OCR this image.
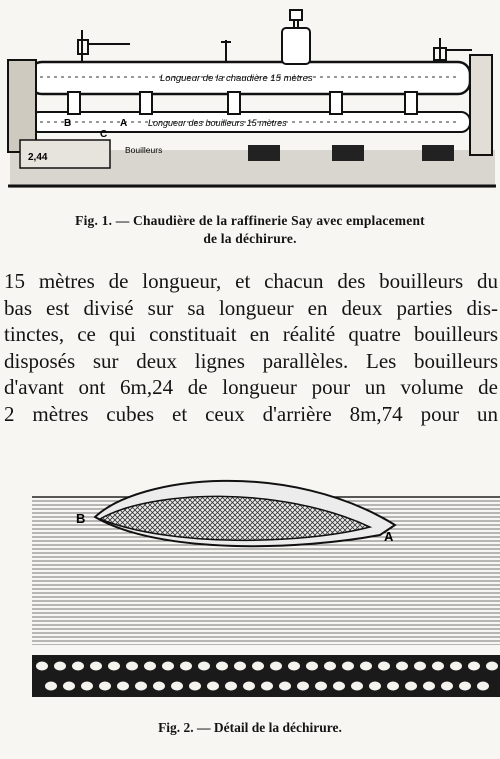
Longueur de la chaudière 15 mètres
Longueur des bouilleurs 15 mètres
2,44
Bouilleurs
B	A
C
Fig. 1. — Chaudière de la raffinerie Say avec emplacement
de la déchirure.
15 mètres de longueur, et chacun des bouilleurs du
bas est divisé sur sa longueur en deux parties dis-
tinctes, ce qui constituait en réalité quatre bouilleurs
disposés sur deux lignes parallèles. Les bouilleurs
d'avant ont 6m,24 de longueur pour un volume de
2 mètres cubes et ceux d'arrière 8m,74 pour un
B
A
Fig. 2. — Détail de la déchirure.
